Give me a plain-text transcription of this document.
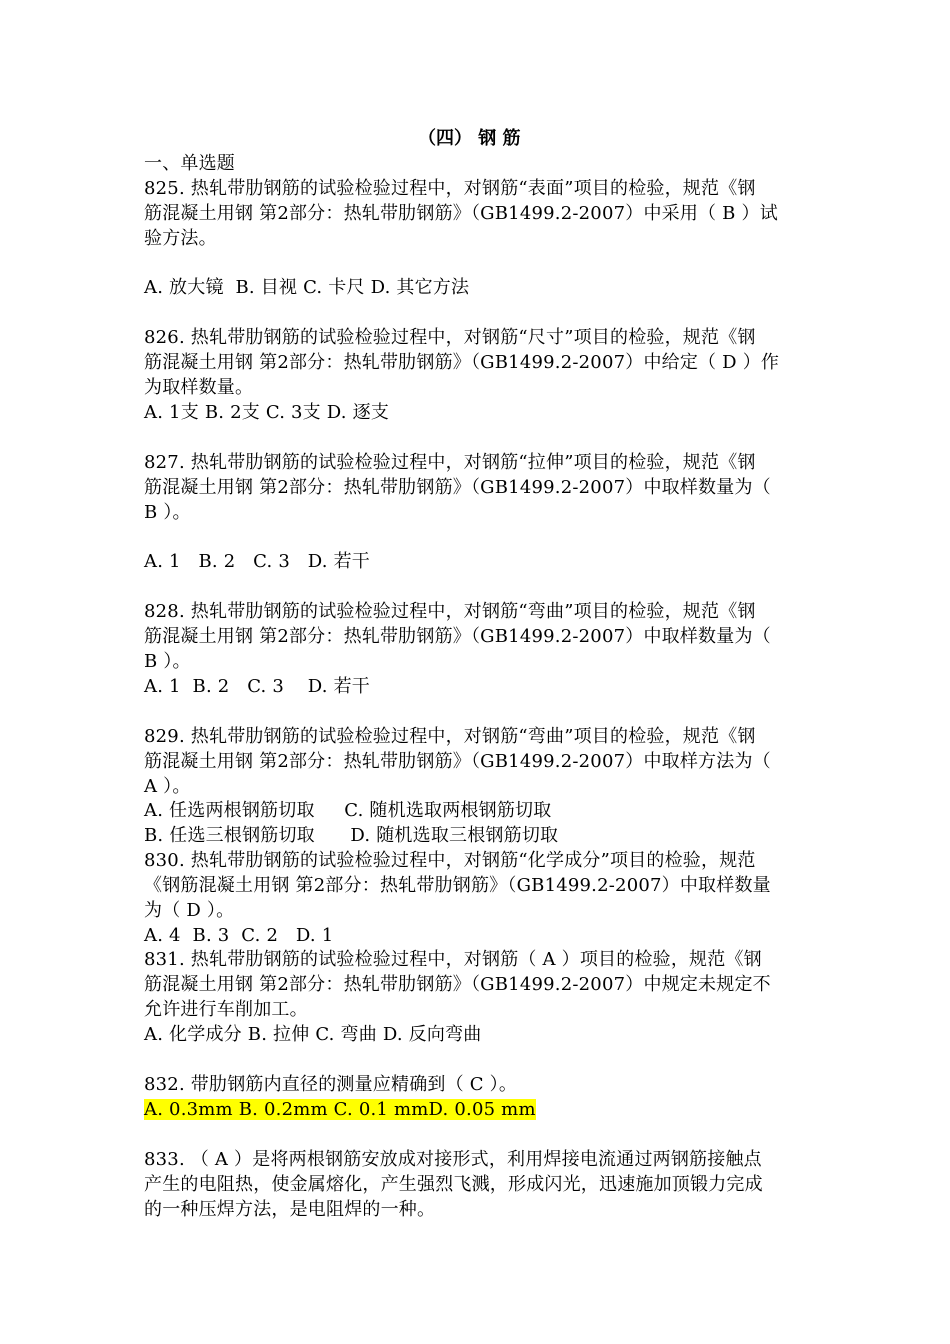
（四） 钢 筋
一、单选题
825. 热轧带肋钢筋的试验检验过程中，对钢筋“表面”项目的检验，规范《钢
筋混凝土用钢 第2部分：热轧带肋钢筋》（GB1499.2-2007）中采用（ B ）试
验方法。
A. 放大镜  B. 目视 C. 卡尺 D. 其它方法
826. 热轧带肋钢筋的试验检验过程中，对钢筋“尺寸”项目的检验，规范《钢
筋混凝土用钢 第2部分：热轧带肋钢筋》（GB1499.2-2007）中给定（ D ）作
为取样数量。
A. 1支 B. 2支 C. 3支 D. 逐支
827. 热轧带肋钢筋的试验检验过程中，对钢筋“拉伸”项目的检验，规范《钢
筋混凝土用钢 第2部分：热轧带肋钢筋》（GB1499.2-2007）中取样数量为（
B ）。
A. 1   B. 2   C. 3   D. 若干
828. 热轧带肋钢筋的试验检验过程中，对钢筋“弯曲”项目的检验，规范《钢
筋混凝土用钢 第2部分：热轧带肋钢筋》（GB1499.2-2007）中取样数量为（
B ）。
A. 1  B. 2   C. 3    D. 若干
829. 热轧带肋钢筋的试验检验过程中，对钢筋“弯曲”项目的检验，规范《钢
筋混凝土用钢 第2部分：热轧带肋钢筋》（GB1499.2-2007）中取样方法为（
A ）。
A. 任选两根钢筋切取     C. 随机选取两根钢筋切取
B. 任选三根钢筋切取      D. 随机选取三根钢筋切取
830. 热轧带肋钢筋的试验检验过程中，对钢筋“化学成分”项目的检验，规范
《钢筋混凝土用钢 第2部分：热轧带肋钢筋》（GB1499.2-2007）中取样数量
为（ D ）。
A. 4  B. 3  C. 2   D. 1
831. 热轧带肋钢筋的试验检验过程中，对钢筋（ A ）项目的检验，规范《钢
筋混凝土用钢 第2部分：热轧带肋钢筋》（GB1499.2-2007）中规定未规定不
允许进行车削加工。
A. 化学成分 B. 拉伸 C. 弯曲 D. 反向弯曲
832. 带肋钢筋内直径的测量应精确到（ C ）。
A. 0.3mm B. 0.2mm C. 0.1 mmD. 0.05 mm
833. （ A ）是将两根钢筋安放成对接形式，利用焊接电流通过两钢筋接触点
产生的电阻热，使金属熔化，产生强烈飞溅，形成闪光，迅速施加顶锻力完成
的一种压焊方法，是电阻焊的一种。
